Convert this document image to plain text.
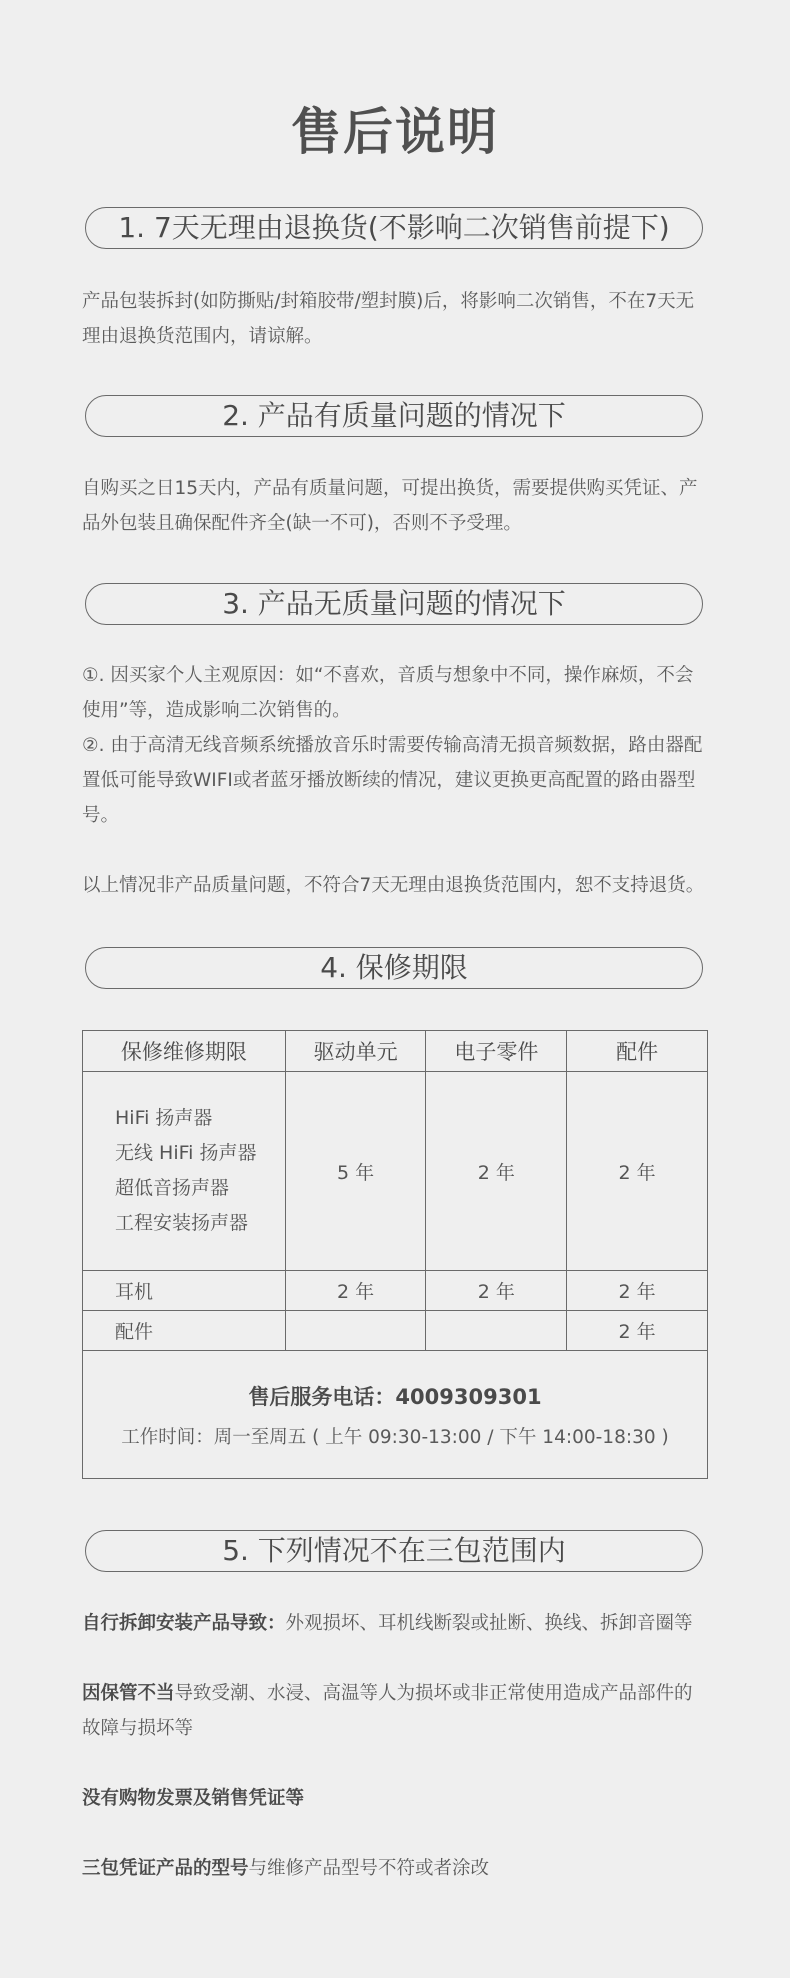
售后说明
1. 7天无理由退换货(不影响二次销售前提下)

产品包装拆封(如防撕贴/封箱胶带/塑封膜)后，将影响二次销售，不在7天无理由退换货范围内，请谅解。

2. 产品有质量问题的情况下

自购买之日15天内，产品有质量问题，可提出换货，需要提供购买凭证、产品外包装且确保配件齐全(缺一不可)，否则不予受理。

3. 产品无质量问题的情况下

①. 因买家个人主观原因：如“不喜欢，音质与想象中不同，操作麻烦，不会使用”等，造成影响二次销售的。

②. 由于高清无线音频系统播放音乐时需要传输高清无损音频数据，路由器配置低可能导致WIFI或者蓝牙播放断续的情况，建议更换更高配置的路由器型号。

以上情况非产品质量问题，不符合7天无理由退换货范围内，恕不支持退货。

4. 保修期限
保修维修期限	驱动单元	电子零件	配件

HiFi 扬声器
无线 HiFi 扬声器
超低音扬声器
工程安装扬声器	5 年	2 年	2 年
耳机	2 年	2 年	2 年
配件			2 年

售后服务电话：4009309301
工作时间：周一至周五 ( 上午 09:30-13:00 / 下午 14:00-18:30 )			
5. 下列情况不在三包范围内

自行拆卸安装产品导致：外观损坏、耳机线断裂或扯断、换线、拆卸音圈等

因保管不当导致受潮、水浸、高温等人为损坏或非正常使用造成产品部件的故障与损坏等

没有购物发票及销售凭证等

三包凭证产品的型号与维修产品型号不符或者涂改
